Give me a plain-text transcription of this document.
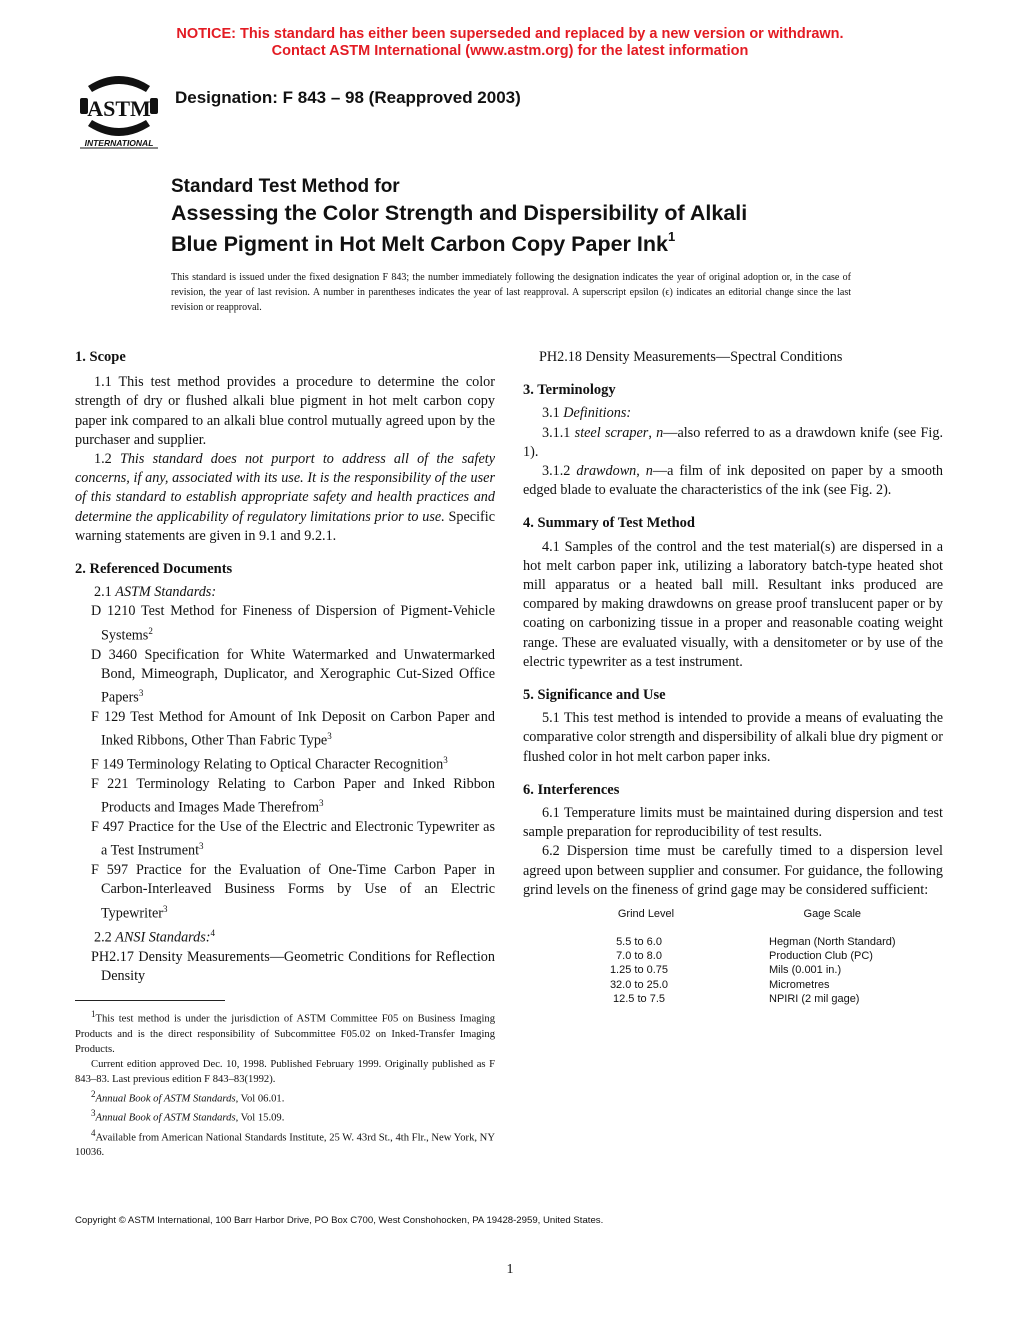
NOTICE: This standard has either been superseded and replaced by a new version or withdrawn.
Contact ASTM International (www.astm.org) for the latest information
ASTM
INTERNATIONAL
Designation: F 843 – 98 (Reapproved 2003)
Standard Test Method for
Assessing the Color Strength and Dispersibility of Alkali
Blue Pigment in Hot Melt Carbon Copy Paper Ink$^1$
This standard is issued under the fixed designation F 843; the number immediately following the designation indicates the year of original adoption or, in the case of revision, the year of last revision. A number in parentheses indicates the year of last reapproval. A superscript epsilon (ϵ) indicates an editorial change since the last revision or reapproval.
1. Scope

1.1 This test method provides a procedure to determine the color strength of dry or flushed alkali blue pigment in hot melt carbon copy paper ink compared to an alkali blue control mutually agreed upon by the purchaser and supplier.

1.2 This standard does not purport to address all of the safety concerns, if any, associated with its use. It is the responsibility of the user of this standard to establish appropriate safety and health practices and determine the applicability of regulatory limitations prior to use. Specific warning statements are given in 9.1 and 9.2.1.

2. Referenced Documents

2.1 ASTM Standards:

D 1210 Test Method for Fineness of Dispersion of Pigment-Vehicle Systems$^2$
D 3460 Specification for White Watermarked and Unwatermarked Bond, Mimeograph, Duplicator, and Xerographic Cut-Sized Office Papers$^3$
F 129 Test Method for Amount of Ink Deposit on Carbon Paper and Inked Ribbons, Other Than Fabric Type$^3$
F 149 Terminology Relating to Optical Character Recognition$^3$
F 221 Terminology Relating to Carbon Paper and Inked Ribbon Products and Images Made Therefrom$^3$
F 497 Practice for the Use of the Electric and Electronic Typewriter as a Test Instrument$^3$
F 597 Practice for the Evaluation of One-Time Carbon Paper in Carbon-Interleaved Business Forms by Use of an Electric Typewriter$^3$

2.2 ANSI Standards:$^4$

PH2.17 Density Measurements—Geometric Conditions for Reflection Density

$^1$This test method is under the jurisdiction of ASTM Committee F05 on Business Imaging Products and is the direct responsibility of Subcommittee F05.02 on Inked-Transfer Imaging Products.

Current edition approved Dec. 10, 1998. Published February 1999. Originally published as F 843–83. Last previous edition F 843–83(1992).

$^2$Annual Book of ASTM Standards, Vol 06.01.

$^3$Annual Book of ASTM Standards, Vol 15.09.

$^4$Available from American National Standards Institute, 25 W. 43rd St., 4th Flr., New York, NY 10036.

PH2.18 Density Measurements—Spectral Conditions
3. Terminology

3.1 Definitions:

3.1.1 steel scraper, n—also referred to as a drawdown knife (see Fig. 1).

3.1.2 drawdown, n—a film of ink deposited on paper by a smooth edged blade to evaluate the characteristics of the ink (see Fig. 2).

4. Summary of Test Method

4.1 Samples of the control and the test material(s) are dispersed in a hot melt carbon paper ink, utilizing a laboratory batch-type heated shot mill apparatus or a heated ball mill. Resultant inks produced are compared by making drawdowns on grease proof translucent paper or by coating on carbonizing tissue in a proper and reasonable coating weight range. These are evaluated visually, with a densitometer or by use of the electric typewriter as a test instrument.

5. Significance and Use

5.1 This test method is intended to provide a means of evaluating the comparative color strength and dispersibility of alkali blue dry pigment or flushed color in hot melt carbon paper inks.

6. Interferences

6.1 Temperature limits must be maintained during dispersion and test sample preparation for reproducibility of test results.

6.2 Dispersion time must be carefully timed to a dispersion level agreed upon between supplier and consumer. For guidance, the following grind levels on the fineness of grind gage may be considered sufficient:

Grind Level	Gage Scale
5.5 to 6.0	Hegman (North Standard)
7.0 to 8.0	Production Club (PC)
1.25 to 0.75	Mils (0.001 in.)
32.0 to 25.0	Micrometres
12.5 to 7.5	NPIRI (2 mil gage)
Copyright © ASTM International, 100 Barr Harbor Drive, PO Box C700, West Conshohocken, PA 19428-2959, United States.
1
